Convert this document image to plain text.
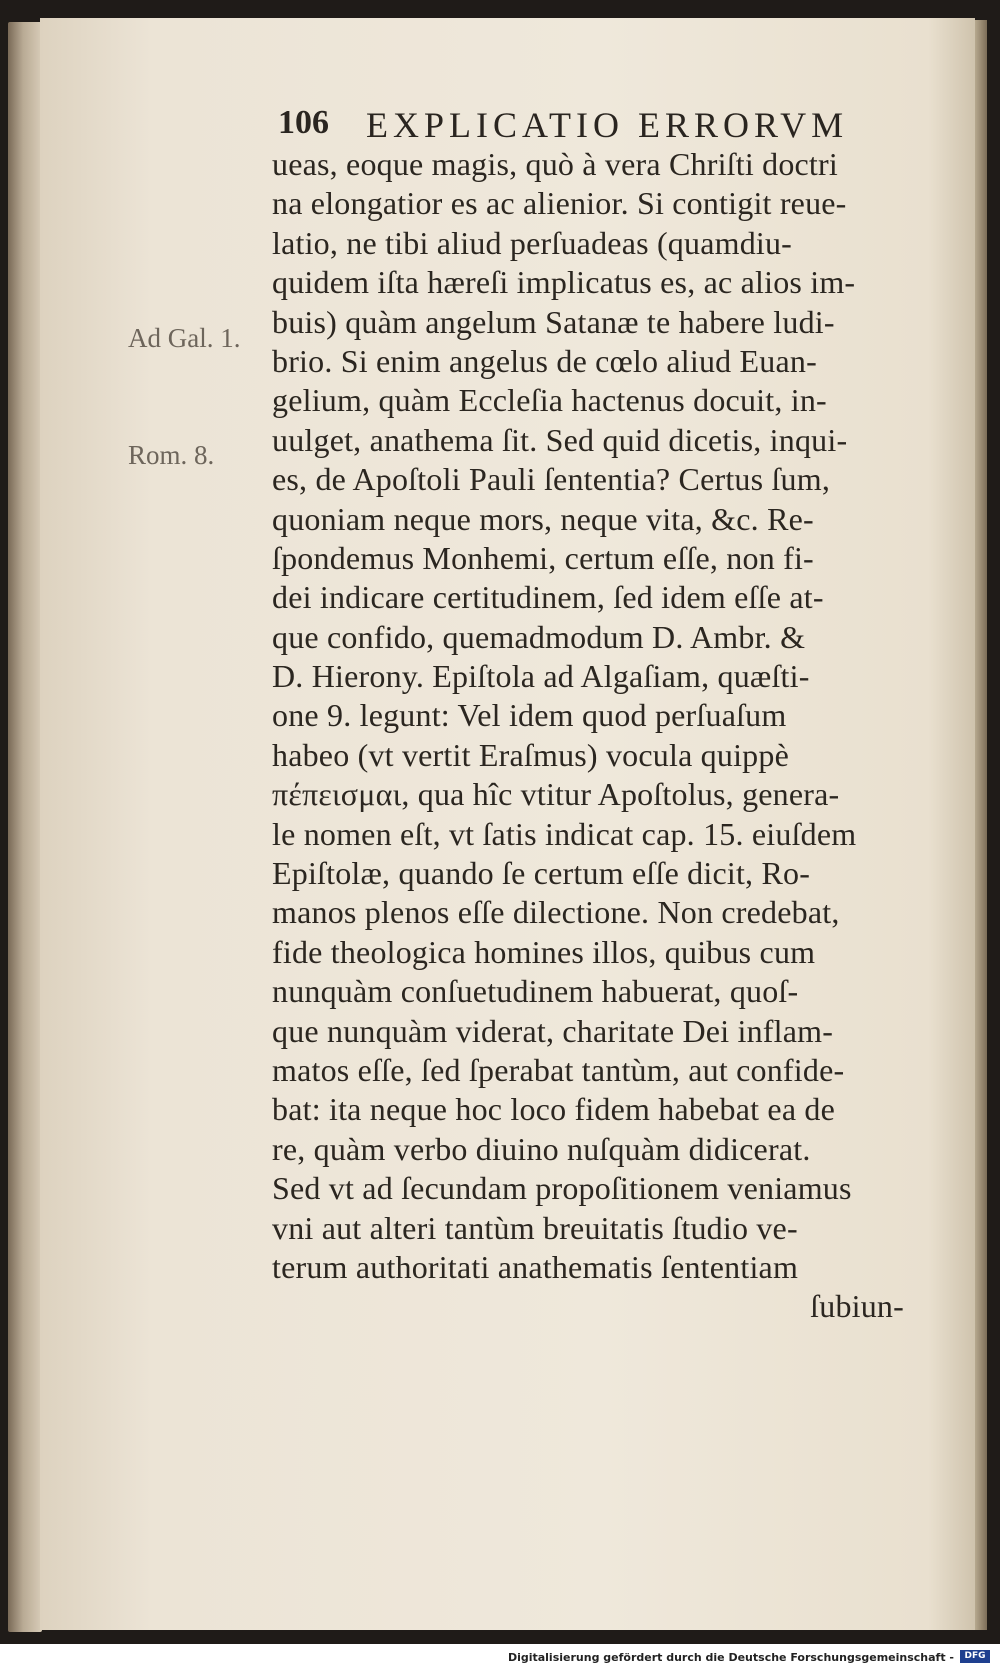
106 EXPLICATIO ERRORVM
Ad Gal. 1.
Rom. 8.
ueas, eoque magis, quò à vera Chriſti doctri
na elongatior es ac alienior. Si contigit reue-
latio, ne tibi aliud perſuadeas (quamdiu-
quidem iſta hæreſi implicatus es, ac alios im-
buis) quàm angelum Satanæ te habere ludi-
brio. Si enim angelus de cœlo aliud Euan-
gelium, quàm Eccleſia hactenus docuit, in-
uulget, anathema ſit. Sed quid dicetis, inqui-
es, de Apoſtoli Pauli ſententia? Certus ſum,
quoniam neque mors, neque vita, &c. Re-
ſpondemus Monhemi, certum eſſe, non fi-
dei indicare certitudinem, ſed idem eſſe at-
que confido, quemadmodum D. Ambr. &
D. Hierony. Epiſtola ad Algaſiam, quæſti-
one 9. legunt: Vel idem quod perſuaſum
habeo (vt vertit Eraſmus) vocula quippè
πέπεισμαι, qua hîc vtitur Apoſtolus, genera-
le nomen eſt, vt ſatis indicat cap. 15. eiuſdem
Epiſtolæ, quando ſe certum eſſe dicit, Ro-
manos plenos eſſe dilectione. Non credebat,
fide theologica homines illos, quibus cum
nunquàm conſuetudinem habuerat, quoſ-
que nunquàm viderat, charitate Dei inflam-
matos eſſe, ſed ſperabat tantùm, aut confide-
bat: ita neque hoc loco fidem habebat ea de
re, quàm verbo diuino nuſquàm didicerat.
Sed vt ad ſecundam propoſitionem veniamus
vni aut alteri tantùm breuitatis ſtudio ve-
terum authoritati anathematis ſententiam
ſubiun-
Digitalisierung gefördert durch die Deutsche Forschungsgemeinschaft -	DFG
